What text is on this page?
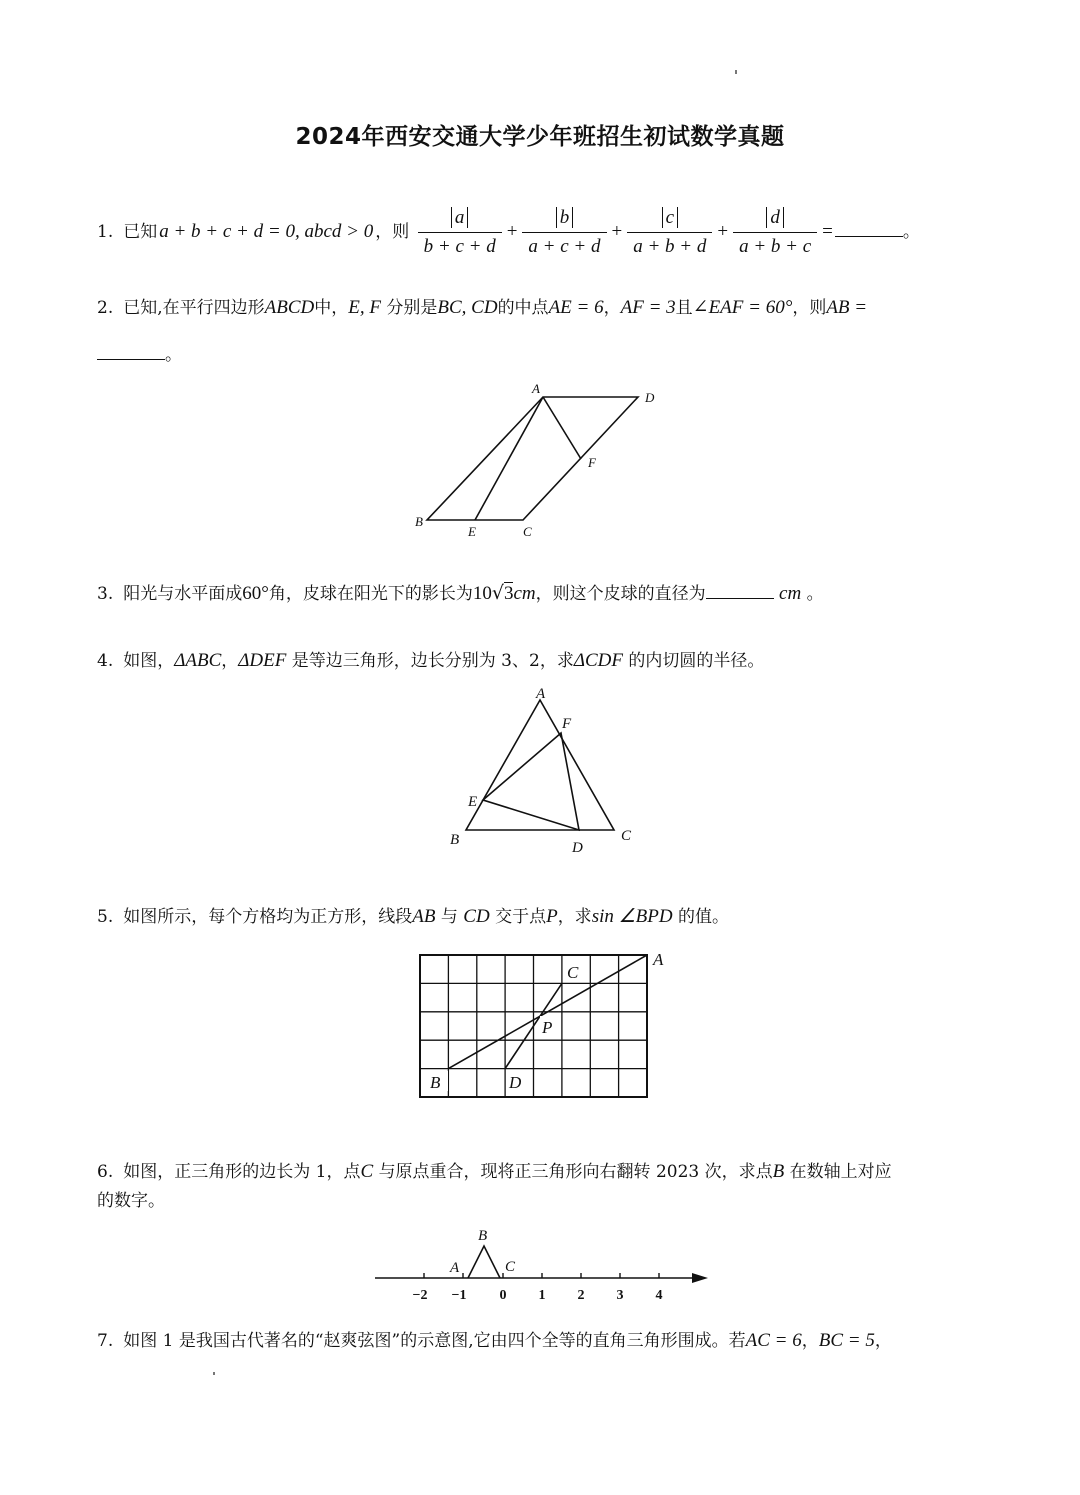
2024年西安交通大学少年班招生初试数学真题
1. 已知 a + b + c + d = 0, abcd > 0 ，则 $\frac{a}{b + c + d} + \frac{b}{a + c + d} + \frac{c}{a + b + d} + \frac{d}{a + b + c}$ =	。
2. 已知,在平行四边形ABCD中，E, F 分别是BC, CD的中点AE = 6，AF = 3且∠EAF = 60°，则AB =
。
A
D
F
B
E	C
3. 阳光与水平面成60°角，皮球在阳光下的影长为10√3cm，则这个皮球的直径为	cm 。
4. 如图，ΔABC，ΔDEF 是等边三角形，边长分别为 3、2，求ΔCDF 的内切圆的半径。
A
F
E
B	D
C
5. 如图所示，每个方格均为正方形，线段AB 与 CD 交于点P，求sin ∠BPD 的值。
B	D
C
P
A
6. 如图，正三角形的边长为 1，点C 与原点重合，现将正三角形向右翻转 2023 次，求点B 在数轴上对应
的数字。
B
A	C
−2 −1 0 1 2 3 4
7. 如图 1 是我国古代著名的“赵爽弦图”的示意图,它由四个全等的直角三角形围成。若AC = 6，BC = 5，
